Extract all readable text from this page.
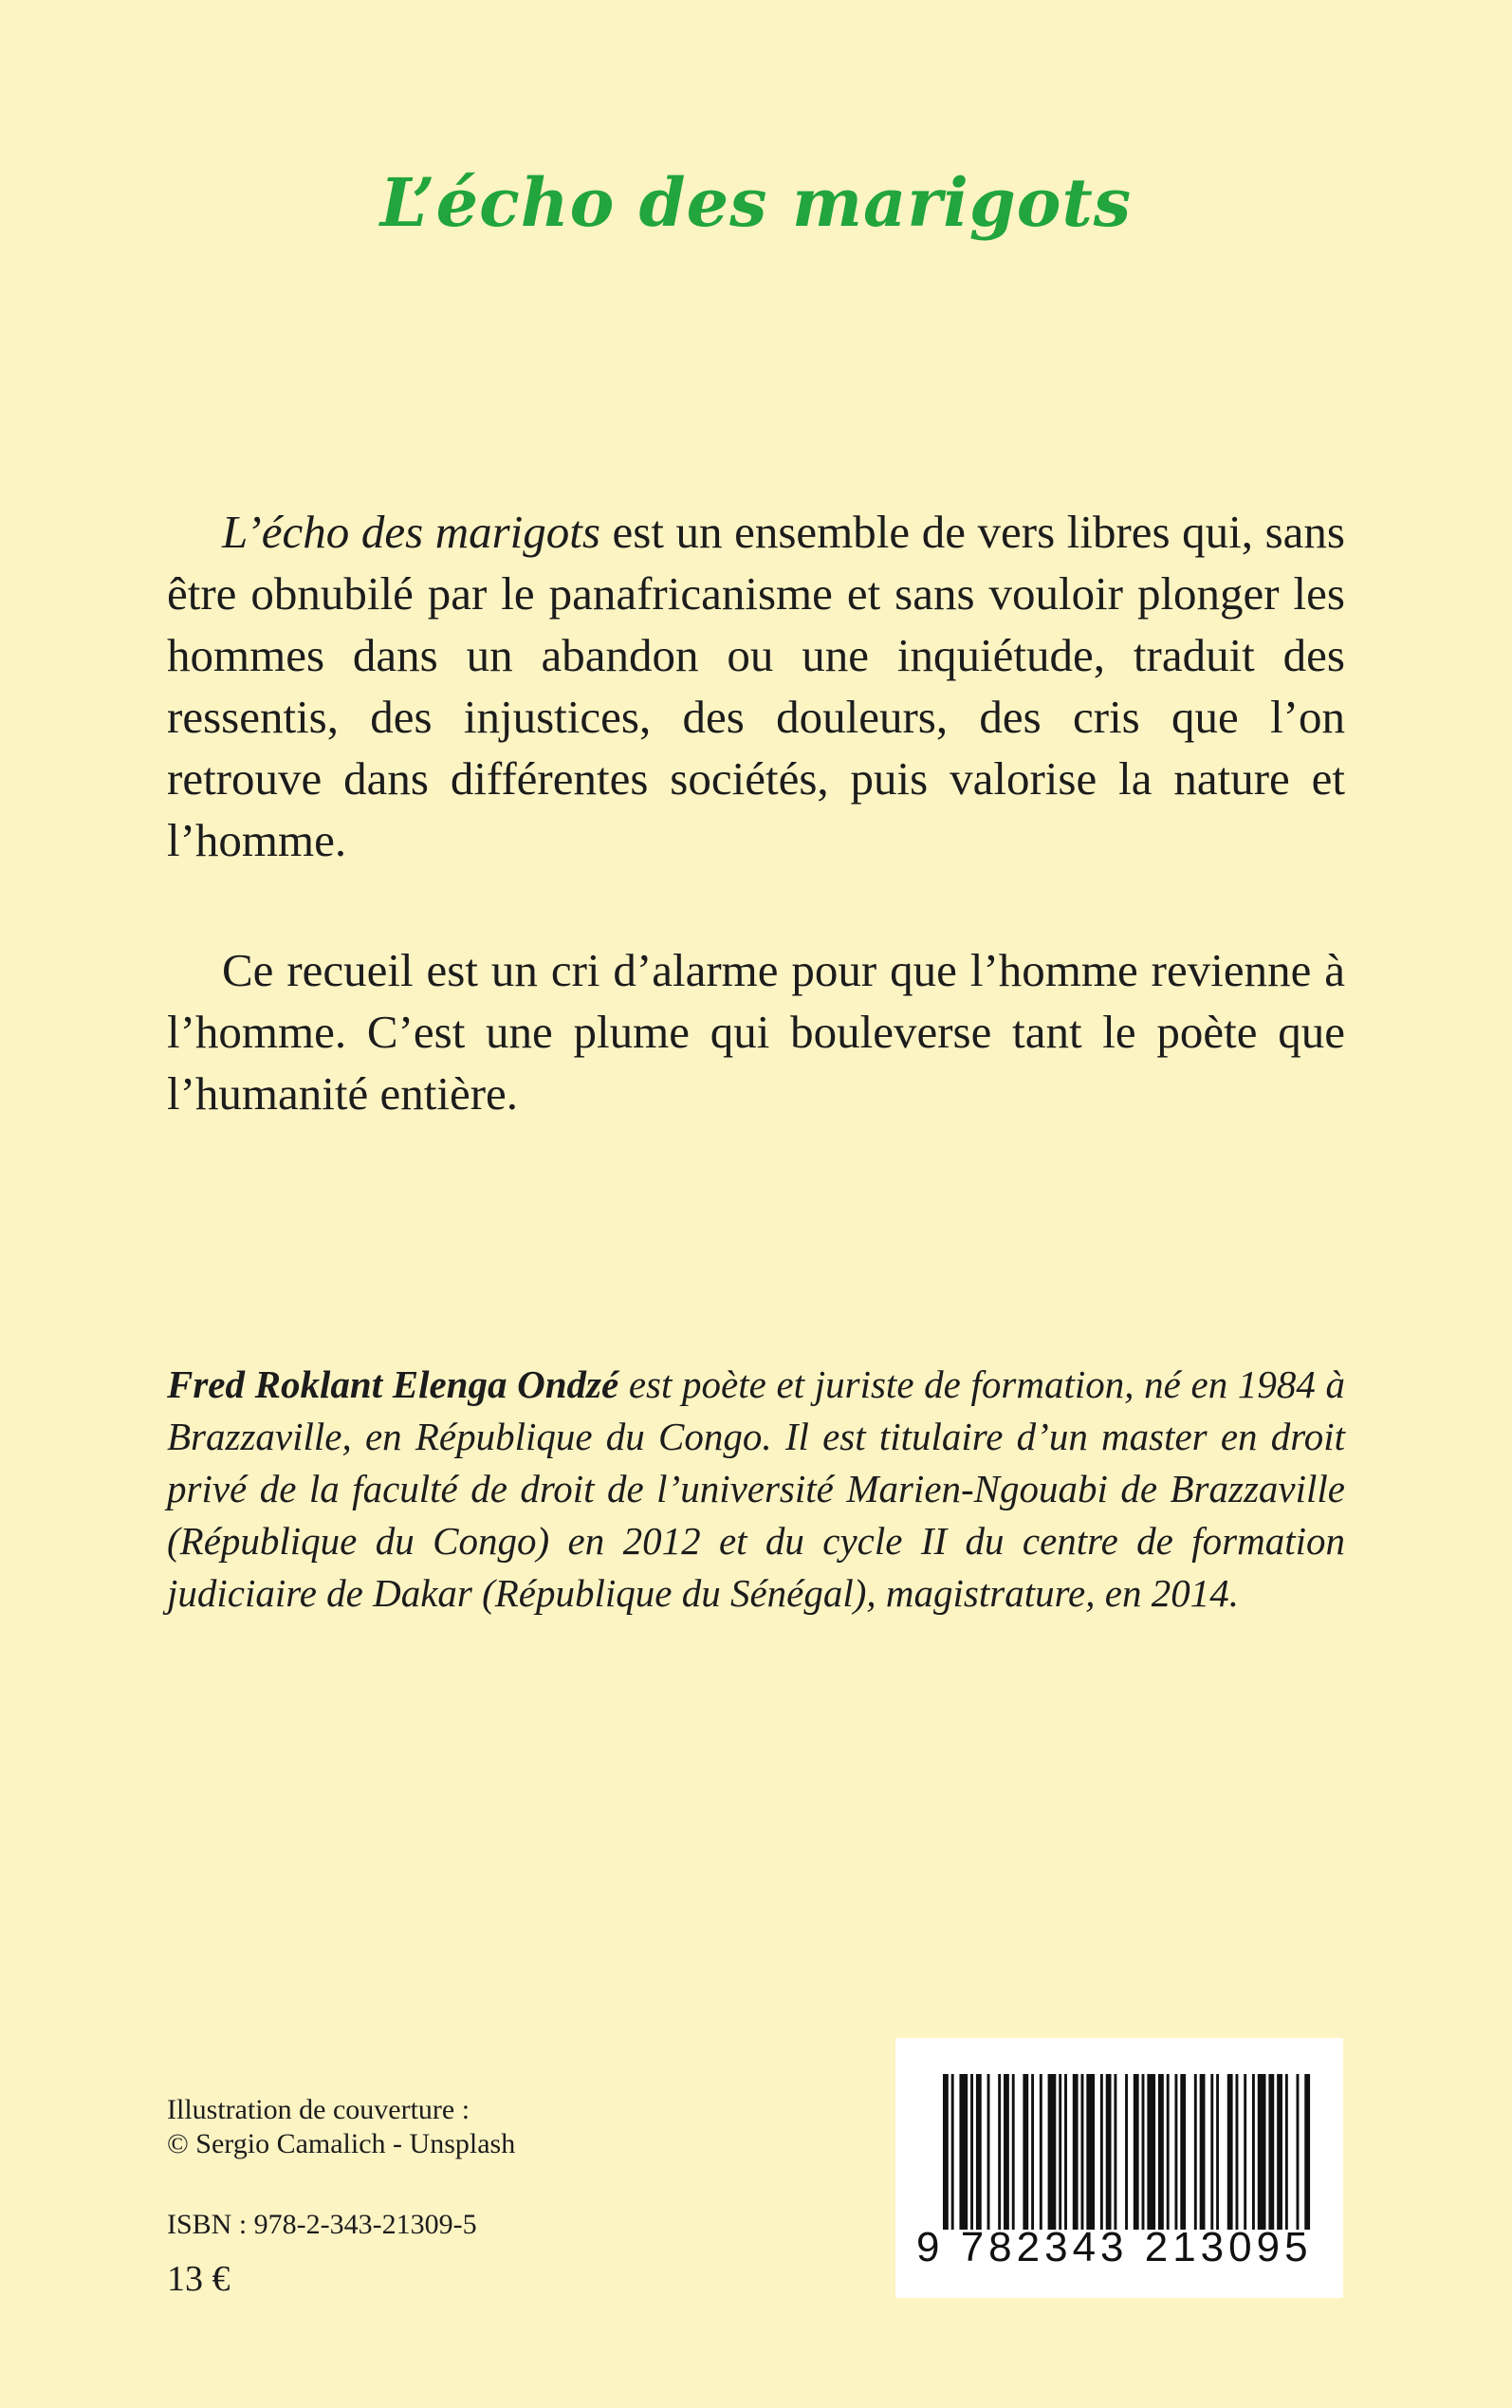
L’écho des marigots

L’écho des marigots est un ensemble de vers libres qui, sans être obnubilé par le panafricanisme et sans vouloir plonger les hommes dans un abandon ou une inquiétude, traduit des ressentis, des injustices, des douleurs, des cris que l’on retrouve dans différentes sociétés, puis valorise la nature et l’homme.

Ce recueil est un cri d’alarme pour que l’homme revienne à l’homme. C’est une plume qui bouleverse tant le poète que l’humanité entière.

Fred Roklant Elenga Ondzé est poète et juriste de formation, né en 1984 à Brazzaville, en République du Congo. Il est titulaire d’un master en droit privé de la faculté de droit de l’université Marien-Ngouabi de Brazzaville (République du Congo) en 2012 et du cycle II du centre de formation judiciaire de Dakar (République du Sénégal), magistrature, en 2014.

Illustration de couverture :
© Sergio Camalich - Unsplash
ISBN : 978-2-343-21309-5
13 €
9 782343 213095
